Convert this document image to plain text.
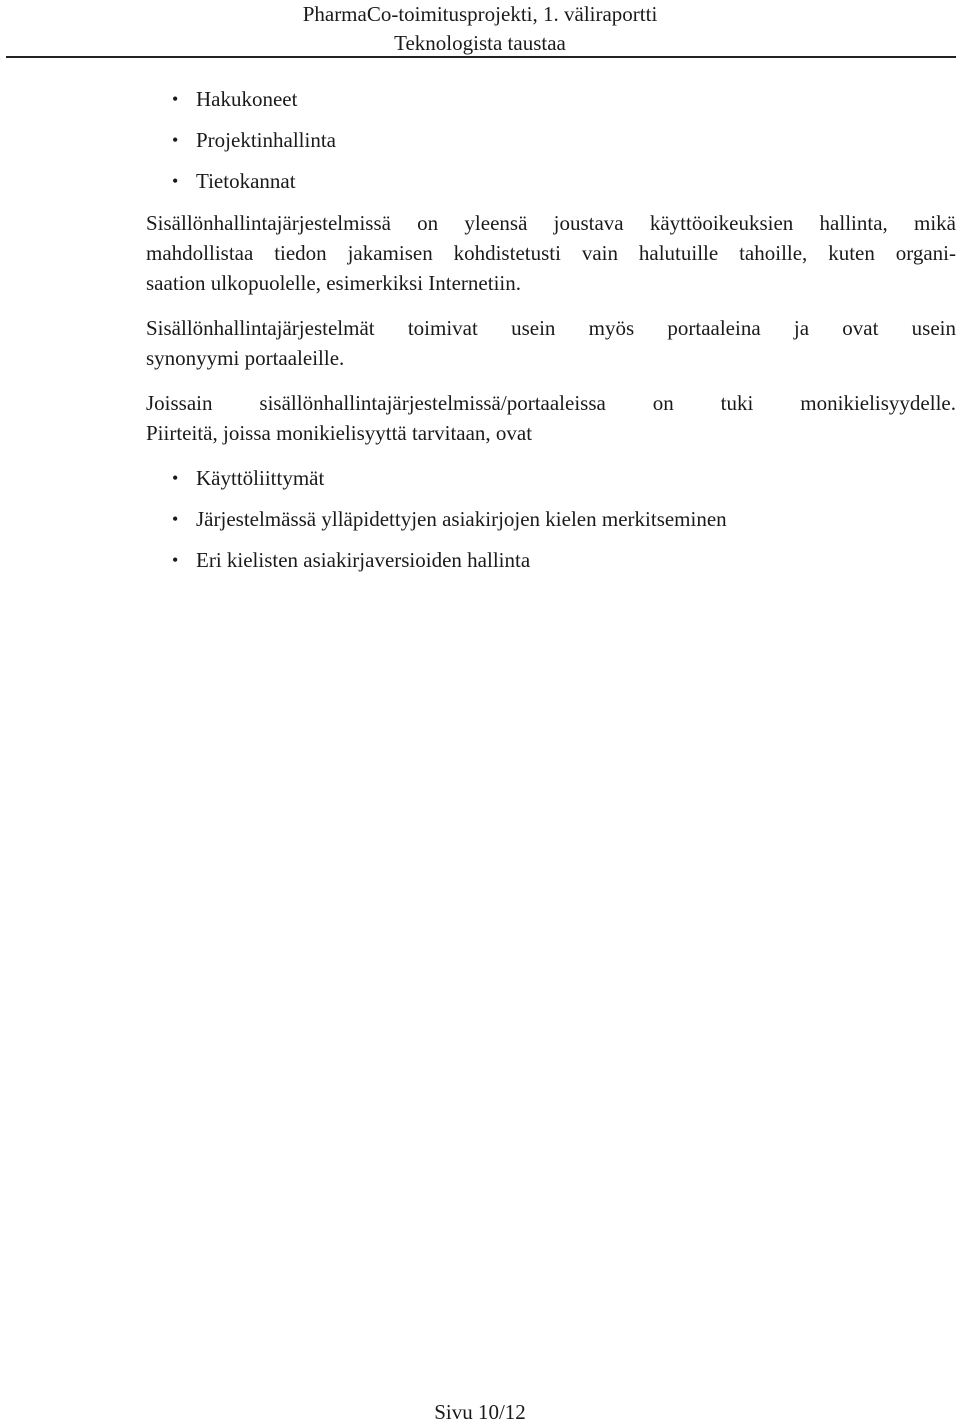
PharmaCo-toimitusprojekti, 1. väliraportti
Teknologista taustaa
• Hakukoneet
• Projektinhallinta
• Tietokannat

Sisällönhallintajärjestelmissä on yleensä joustava käyttöoikeuksien hallinta, mikä
mahdollistaa tiedon jakamisen kohdistetusti vain halutuille tahoille, kuten organi-
saation ulkopuolelle, esimerkiksi Internetiin.

Sisällönhallintajärjestelmät toimivat usein myös portaaleina ja ovat usein
synonyymi portaaleille.

Joissain sisällönhallintajärjestelmissä/portaaleissa on tuki monikielisyydelle.
Piirteitä, joissa monikielisyyttä tarvitaan, ovat

• Käyttöliittymät
• Järjestelmässä ylläpidettyjen asiakirjojen kielen merkitseminen
• Eri kielisten asiakirjaversioiden hallinta
Sivu 10/12
